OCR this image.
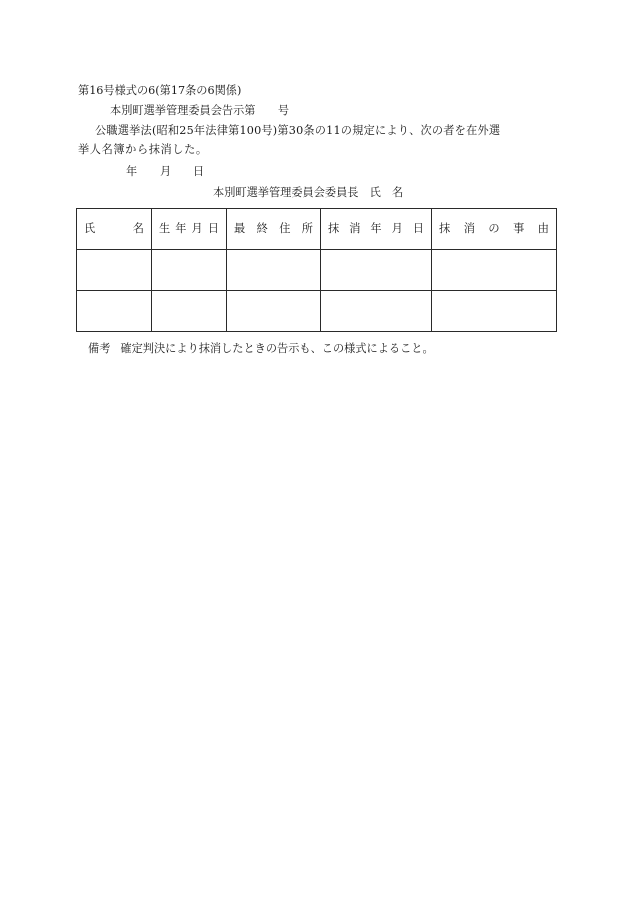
第16号様式の6(第17条の6関係)
本別町選挙管理委員会告示第　　号
公職選挙法(昭和25年法律第100号)第30条の11の規定により、次の者を在外選
挙人名簿から抹消した。
年 月 日
本別町選挙管理委員会委員長　氏　名
氏 名	生 年 月 日	最 終 住 所	抹 消 年 月 日	抹 消 の 事 由

備考 確定判決により抹消したときの告示も、この様式によること。
